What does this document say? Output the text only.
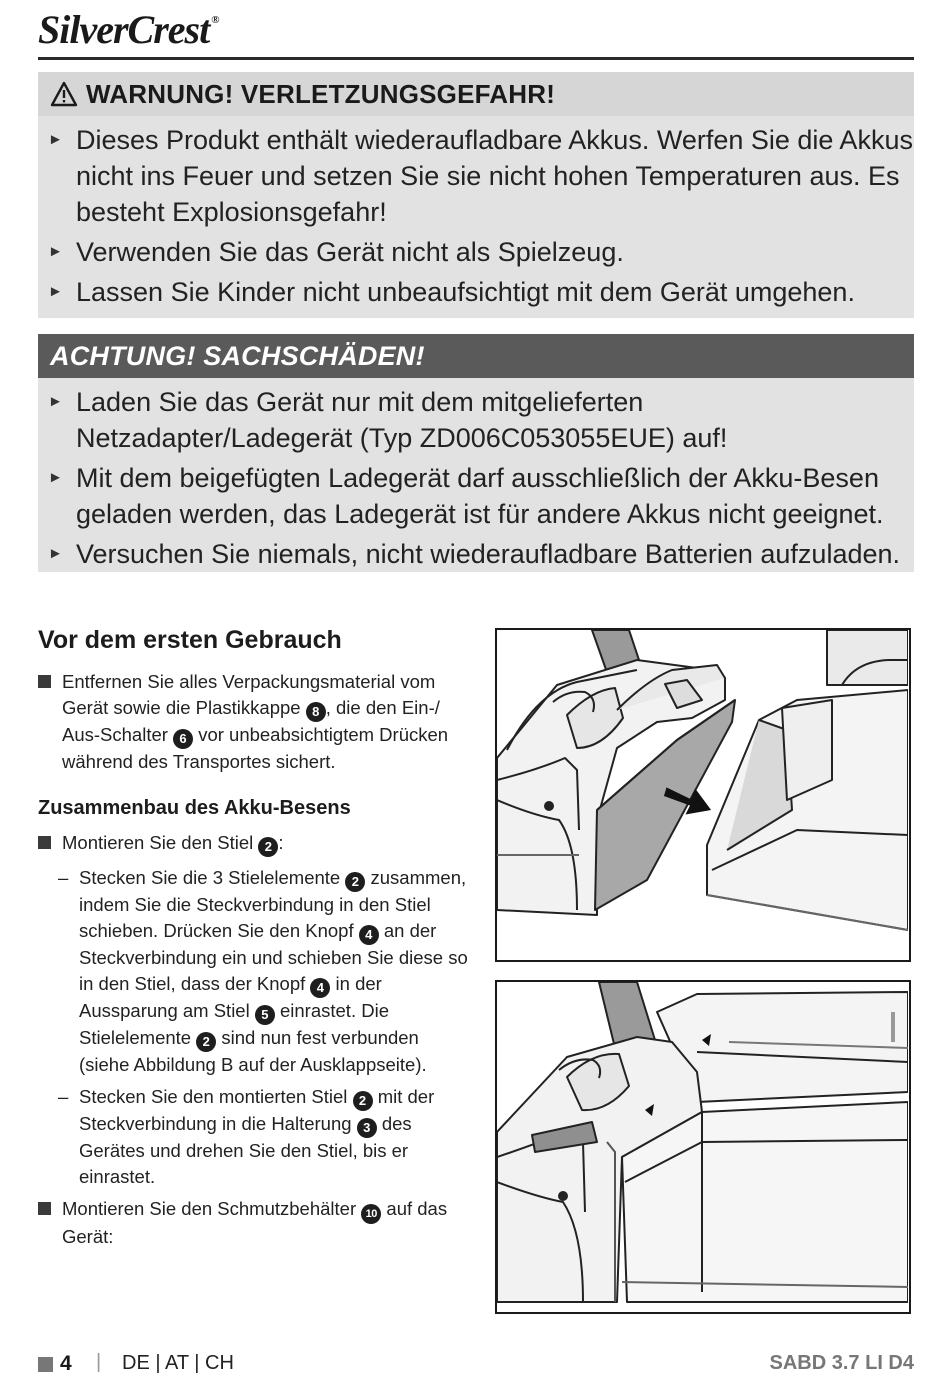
SilverCrest ®
WARNUNG! VERLETZUNGSGEFAHR!
► Dieses Produkt enthält wiederaufladbare Akkus. Werfen Sie die Akkus nicht ins Feuer und setzen Sie sie nicht hohen Temperaturen aus. Es besteht Explosionsgefahr!
► Verwenden Sie das Gerät nicht als Spielzeug.
► Lassen Sie Kinder nicht unbeaufsichtigt mit dem Gerät umgehen.
ACHTUNG! SACHSCHÄDEN!
► Laden Sie das Gerät nur mit dem mitgelieferten Netzadapter/Ladegerät (Typ ZD006C053055EUE) auf!
► Mit dem beigefügten Ladegerät darf ausschließlich der Akku-Besen geladen werden, das Ladegerät ist für andere Akkus nicht geeignet.
► Versuchen Sie niemals, nicht wiederaufladbare Batterien aufzuladen.
Vor dem ersten Gebrauch
Entfernen Sie alles Verpackungsmaterial vom Gerät sowie die Plastikkappe 8 , die den Ein-/ Aus-Schalter 6 vor unbeabsichtigtem Drücken während des Transportes sichert.
Zusammenbau des Akku-Besens
Montieren Sie den Stiel 2 :
– Stecken Sie die 3 Stielelemente 2 zusammen, indem Sie die Steckverbindung in den Stiel schieben. Drücken Sie den Knopf 4 an der Steckverbindung ein und schieben Sie diese so in den Stiel, dass der Knopf 4 in der Aussparung am Stiel 5 einrastet. Die Stielelemente 2 sind nun fest verbunden (siehe Abbildung B auf der Ausklappseite).
– Stecken Sie den montierten Stiel 2 mit der Steckverbindung in die Halterung 3 des Gerätes und drehen Sie den Stiel, bis er einrastet.
Montieren Sie den Schmutzbehälter 10 auf das Gerät:
4 | DE | AT | CH	SABD 3.7 LI D4
